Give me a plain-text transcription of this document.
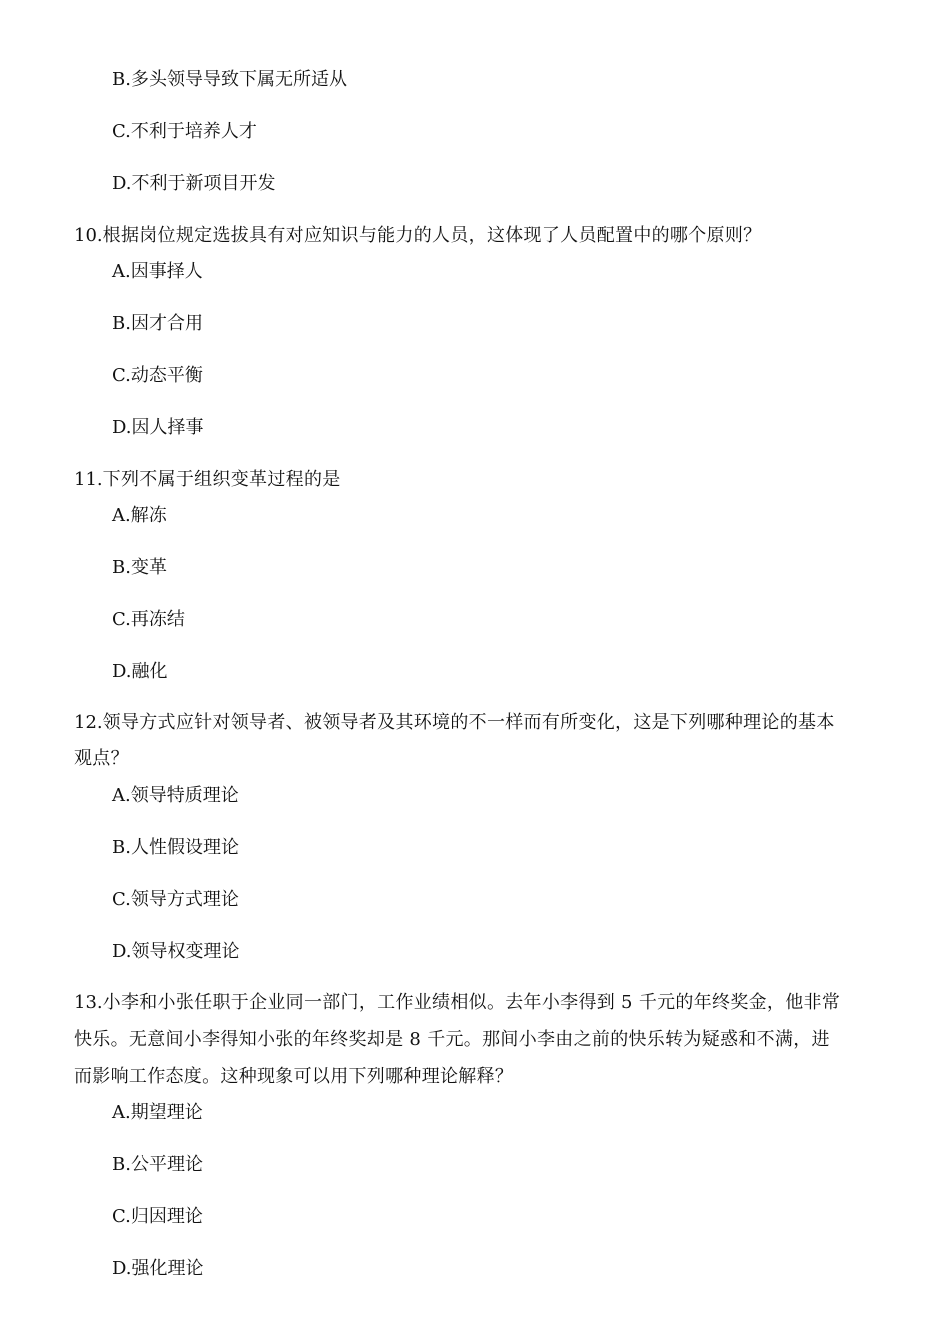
B.多头领导导致下属无所适从
C.不利于培养人才
D.不利于新项目开发
10.根据岗位规定选拔具有对应知识与能力的人员，这体现了人员配置中的哪个原则？
A.因事择人
B.因才合用
C.动态平衡
D.因人择事
11.下列不属于组织变革过程的是
A.解冻
B.变革
C.再冻结
D.融化
12.领导方式应针对领导者、被领导者及其环境的不一样而有所变化，这是下列哪种理论的基本
观点？
A.领导特质理论
B.人性假设理论
C.领导方式理论
D.领导权变理论
13.小李和小张任职于企业同一部门，工作业绩相似。去年小李得到 5 千元的年终奖金，他非常
快乐。无意间小李得知小张的年终奖却是 8 千元。那间小李由之前的快乐转为疑惑和不满，进
而影响工作态度。这种现象可以用下列哪种理论解释？
A.期望理论
B.公平理论
C.归因理论
D.强化理论
